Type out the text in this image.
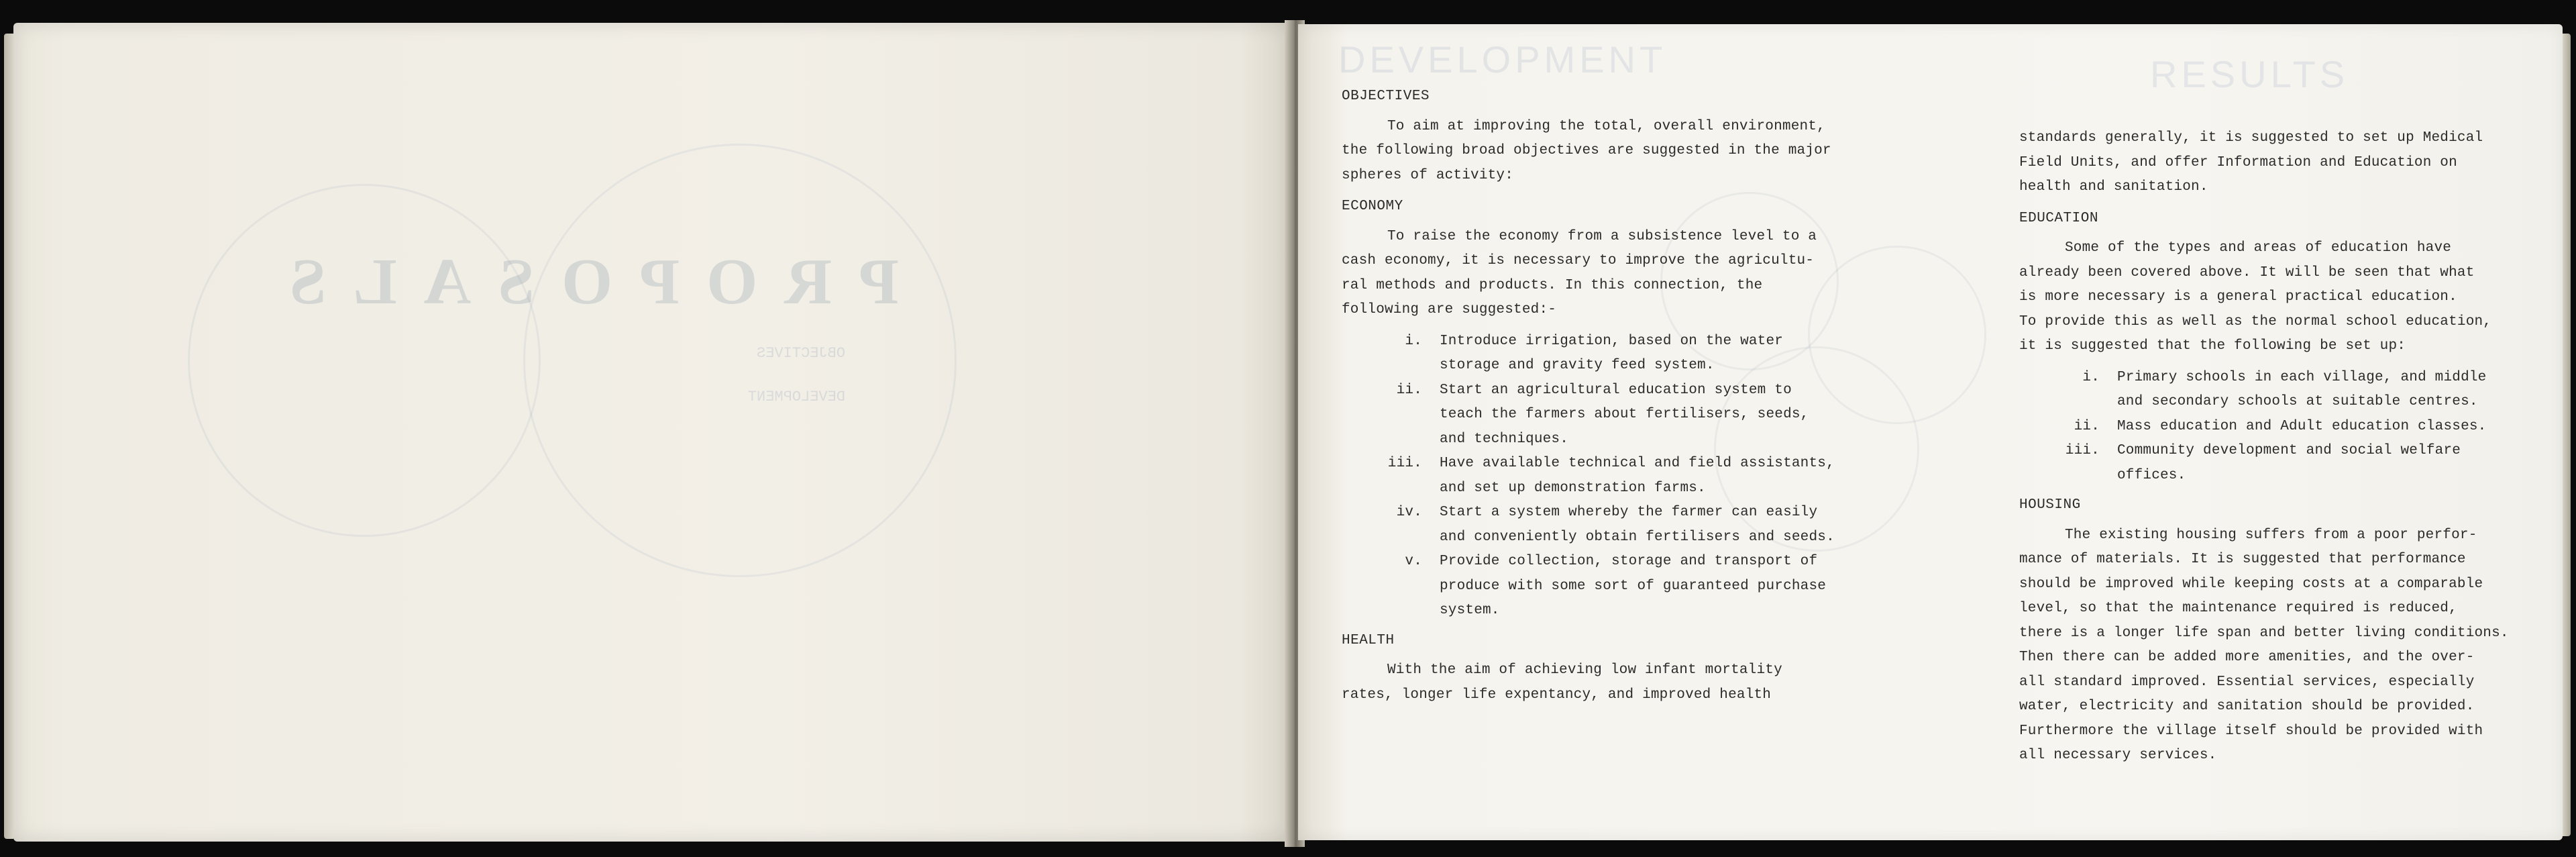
PROPOSALS
OBJECTIVES
DEVELOPMENT
DEVELOPMENT	RESULTS
OBJECTIVES
To aim at improving the total, overall environment,
the following broad objectives are suggested in the major
spheres of activity:
ECONOMY
To raise the economy from a subsistence level to a
cash economy, it is necessary to improve the agricultu-
ral methods and products. In this connection, the
following are suggested:-
i.	Introduce irrigation, based on the water
storage and gravity feed system.
ii.	Start an agricultural education system to
teach the farmers about fertilisers, seeds,
and techniques.
iii.	Have available technical and field assistants,
and set up demonstration farms.
iv.	Start a system whereby the farmer can easily
and conveniently obtain fertilisers and seeds.
v.	Provide collection, storage and transport of
produce with some sort of guaranteed purchase
system.
HEALTH
With the aim of achieving low infant mortality
rates, longer life expentancy, and improved health
standards generally, it is suggested to set up Medical
Field Units, and offer Information and Education on
health and sanitation.
EDUCATION
Some of the types and areas of education have
already been covered above. It will be seen that what
is more necessary is a general practical education.
To provide this as well as the normal school education,
it is suggested that the following be set up:
i.	Primary schools in each village, and middle
and secondary schools at suitable centres.
ii.	Mass education and Adult education classes.
iii.	Community development and social welfare
offices.
HOUSING
The existing housing suffers from a poor perfor-
mance of materials. It is suggested that performance
should be improved while keeping costs at a comparable
level, so that the maintenance required is reduced,
there is a longer life span and better living conditions.
Then there can be added more amenities, and the over-
all standard improved. Essential services, especially
water, electricity and sanitation should be provided.
Furthermore the village itself should be provided with
all necessary services.
